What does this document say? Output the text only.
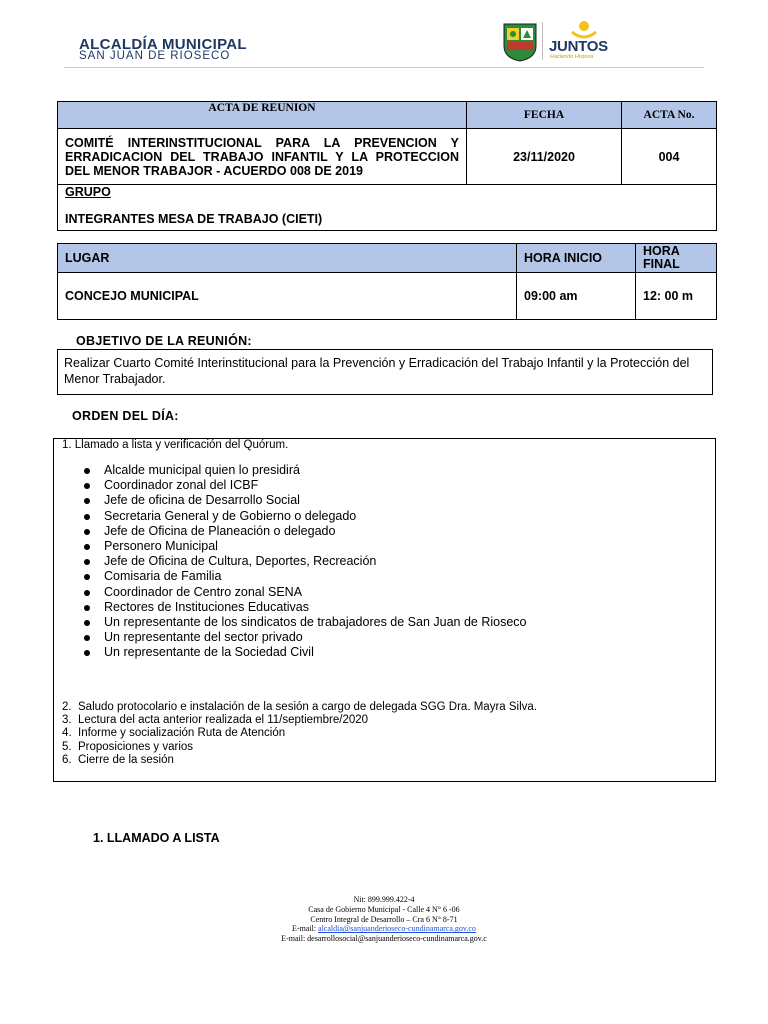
ALCALDÍA MUNICIPAL
SAN JUAN DE RIOSECO
JUNTOS
Haciendo Historia
ACTA DE REUNION	FECHA	ACTA No.
COMITÉ INTERINSTITUCIONAL PARA LA PREVENCION Y ERRADICACION DEL TRABAJO INFANTIL Y LA PROTECCION DEL MENOR TRABAJOR - ACUERDO 008 DE 2019	23/11/2020	004

GRUPO
INTEGRANTES MESA DE TRABAJO (CIETI)		
LUGAR	HORA INICIO	HORA
FINAL

CONCEJO MUNICIPAL	09:00 am	12: 00 m
OBJETIVO DE LA REUNIÓN:
Realizar Cuarto Comité Interinstitucional para la Prevención y Erradicación del Trabajo Infantil y la Protección del Menor Trabajador.
ORDEN DEL DÍA:
1. Llamado a lista y verificación del Quórum.
Alcalde municipal quien lo presidirá
Coordinador zonal del ICBF
Jefe de oficina de Desarrollo Social
Secretaria General y de Gobierno o delegado
Jefe de Oficina de Planeación o delegado
Personero Municipal
Jefe de Oficina de Cultura, Deportes, Recreación
Comisaria de Familia
Coordinador de Centro zonal SENA
Rectores de Instituciones Educativas
Un representante de los sindicatos de trabajadores de San Juan de Rioseco
Un representante del sector privado
Un representante de la Sociedad Civil
2. Saludo protocolario e instalación de la sesión a cargo de delegada SGG Dra. Mayra Silva.
3. Lectura del acta anterior realizada el 11/septiembre/2020
4. Informe y socialización Ruta de Atención
5. Proposiciones y varios
6. Cierre de la sesión
1. LLAMADO A LISTA
Nit: 899.999.422-4
Casa de Gobierno Municipal - Calle 4 N° 6 -06
Centro Integral de Desarrollo – Cra 6 N° 8-71
E-mail: alcaldia@sanjuanderioseco-cundinamarca.gov.co
E-mail: desarrollosocial@sanjuanderioseco-cundinamarca.gov.c
